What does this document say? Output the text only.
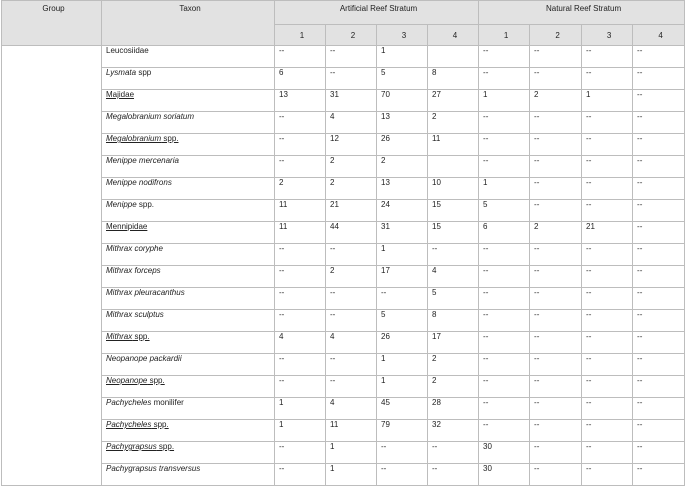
Group	Taxon	Artificial Reef Stratum				Natural Reef Stratum			
		1	2	3	4	1	2	3	4
	Leucosiidae	--	--	1		--	--	--	--
	Lysmata spp	6	--	5	8	--	--	--	--
	Majidae	13	31	70	27	1	2	1	--
	Megalobranium soriatum	--	4	13	2	--	--	--	--
	Megalobranium spp.	--	12	26	11	--	--	--	--
	Menippe mercenaria	--	2	2		--	--	--	--
	Menippe nodifrons	2	2	13	10	1	--	--	--
	Menippe spp.	11	21	24	15	5	--	--	--
	Mennipidae	11	44	31	15	6	2	21	--
	Mithrax coryphe	--	--	1	--	--	--	--	--
	Mithrax forceps	--	2	17	4	--	--	--	--
	Mithrax pleuracanthus	--	--	--	5	--	--	--	--
	Mithrax sculptus	--	--	5	8	--	--	--	--
	Mithrax spp.	4	4	26	17	--	--	--	--
	Neopanope packardii	--	--	1	2	--	--	--	--
	Neopanope spp.	--	--	1	2	--	--	--	--
	Pachycheles monilifer	1	4	45	28	--	--	--	--
	Pachycheles spp.	1	11	79	32	--	--	--	--
	Pachygrapsus spp.	--	1	--	--	30	--	--	--
	Pachygrapsus transversus	--	1	--	--	30	--	--	--
